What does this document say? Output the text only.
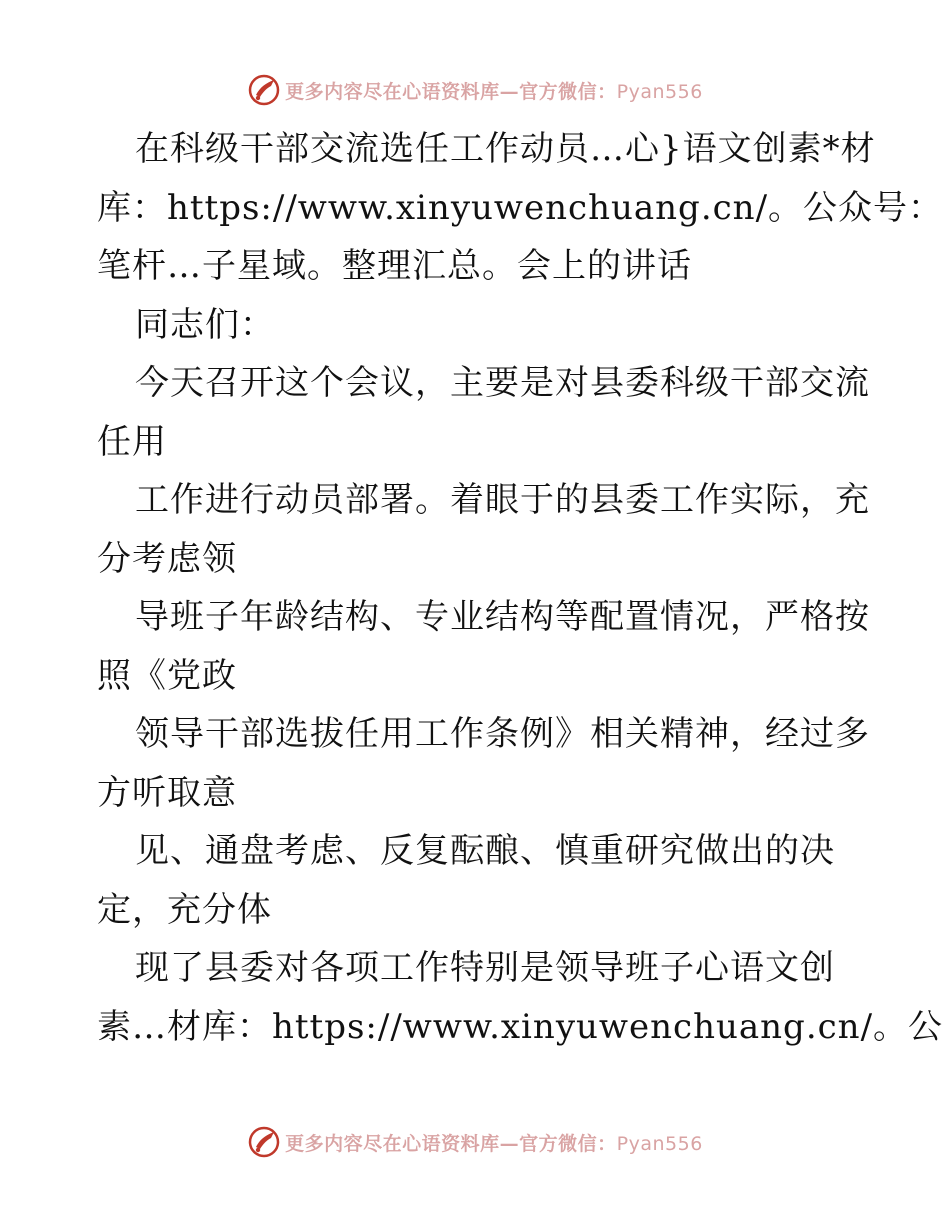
更多内容尽在心语资料库—官方微信：Pyan556
在科级干部交流选任工作动员…心}语文创素*材
库：https://www.xinyuwenchuang.cn/。公众号：
笔杆…子星域。整理汇总。会上的讲话
同志们：
今天召开这个会议，主要是对县委科级干部交流
任用
工作进行动员部署。着眼于的县委工作实际，充
分考虑领
导班子年龄结构、专业结构等配置情况，严格按
照《党政
领导干部选拔任用工作条例》相关精神，经过多
方听取意
见、通盘考虑、反复酝酿、慎重研究做出的决
定，充分体
现了县委对各项工作特别是领导班子心语文创
素…材库：https://www.xinyuwenchuang.cn/。公
更多内容尽在心语资料库—官方微信：Pyan556
